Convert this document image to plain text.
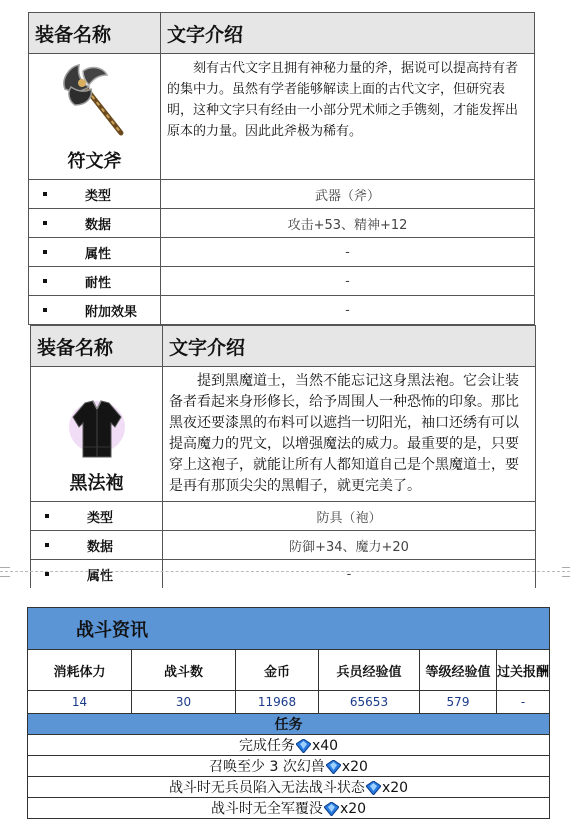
装备名称	文字介绍

符文斧	刻有古代文字且拥有神秘力量的斧，据说可以提高持有者的集中力。虽然有学者能够解读上面的古代文字，但研究表明，这种文字只有经由一小部分咒术师之手镌刻，才能发挥出原本的力量。因此此斧极为稀有。

类型	武器（斧）

数据	攻击+53、精神+12

属性	-

耐性	-

附加效果	-
装备名称	文字介绍

黑法袍	提到黑魔道士，当然不能忘记这身黑法袍。它会让装备者看起来身形修长，给予周围人一种恐怖的印象。那比黑夜还要漆黑的布料可以遮挡一切阳光，袖口还绣有可以提高魔力的咒文，以增强魔法的威力。最重要的是，只要穿上这袍子，就能让所有人都知道自己是个黑魔道士，要是再有那顶尖尖的黑帽子，就更完美了。

类型	防具（袍）

数据	防御+34、魔力+20

属性	-
战斗资讯					
消耗体力	战斗数	金币	兵员经验值	等级经验值	过关报酬
14	30	11968	65653	579	-
任务					
完成任务 x40					
召唤至少 3 次幻兽 x20					
战斗时无兵员陷入无法战斗状态 x20					
战斗时无全军覆没 x20					
